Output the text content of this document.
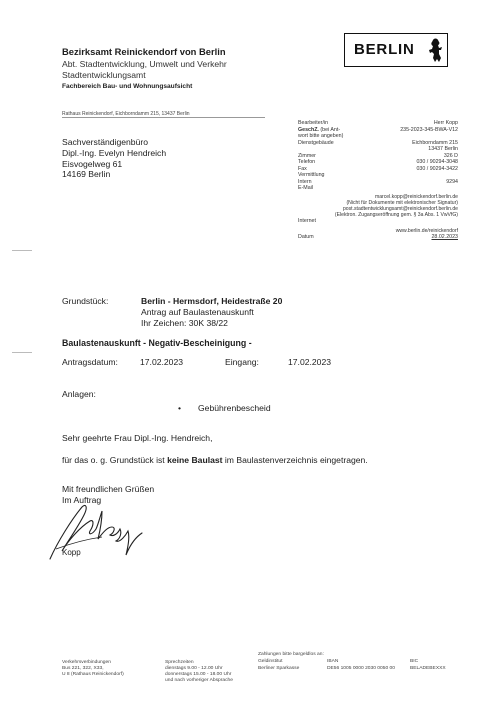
Bezirksamt Reinickendorf von Berlin
Abt. Stadtentwicklung, Umwelt und Verkehr
Stadtentwicklungsamt
Fachbereich Bau- und Wohnungsaufsicht
BERLIN
Rathaus Reinickendorf, Eichborndamm 215, 13437 Berlin
Sachverständigenbüro
Dipl.-Ing. Evelyn Hendreich
Eisvogelweg 61
14169 Berlin
Bearbeiter/in	Herr Kopp
GeschZ. (bei Ant-	235-2023-345-BWA-V12
wort bitte angeben)
Dienstgebäude	Eichborndamm 215
13437 Berlin
Zimmer	326 D
Telefon	030 / 90294-3048
Fax	030 / 90294-3422
Vermittlung
Intern	9294
E-Mail
marcel.kopp@reinickendorf.berlin.de
(Nicht für Dokumente mit elektronischer Signatur)
post.stadtentwicklungsamt@reinickendorf.berlin.de
(Elektron. Zugangseröffnung gem. § 3a Abs. 1 VwVfG)
Internet
www.berlin.de/reinickendorf
Datum	28.02.2023
Grundstück:	Berlin - Hermsdorf, Heidestraße 20
Antrag auf Baulastenauskunft
Ihr Zeichen: 30K 38/22
Baulastenauskunft - Negativ-Bescheinigung -
Antragsdatum:	17.02.2023	Eingang:	17.02.2023
Anlagen:
• Gebührenbescheid
Sehr geehrte Frau Dipl.-Ing. Hendreich,
für das o. g. Grundstück ist keine Baulast im Baulastenverzeichnis eingetragen.
Mit freundlichen Grüßen
Im Auftrag
Kopp
Verkehrsverbindungen
Bus 221, 322, X33,
U 8 (Rathaus Reinickendorf)
Sprechzeiten
dienstags 9.00 - 12.00 Uhr
donnerstags 15.00 - 18.00 Uhr
und nach vorheriger Absprache
Zahlungen bitte bargeldlos an:
Geldinstitut	IBAN	BIC
Berliner Sparkasse	DE56 1005 0000 2030 0050 00	BELADEBEXXX
